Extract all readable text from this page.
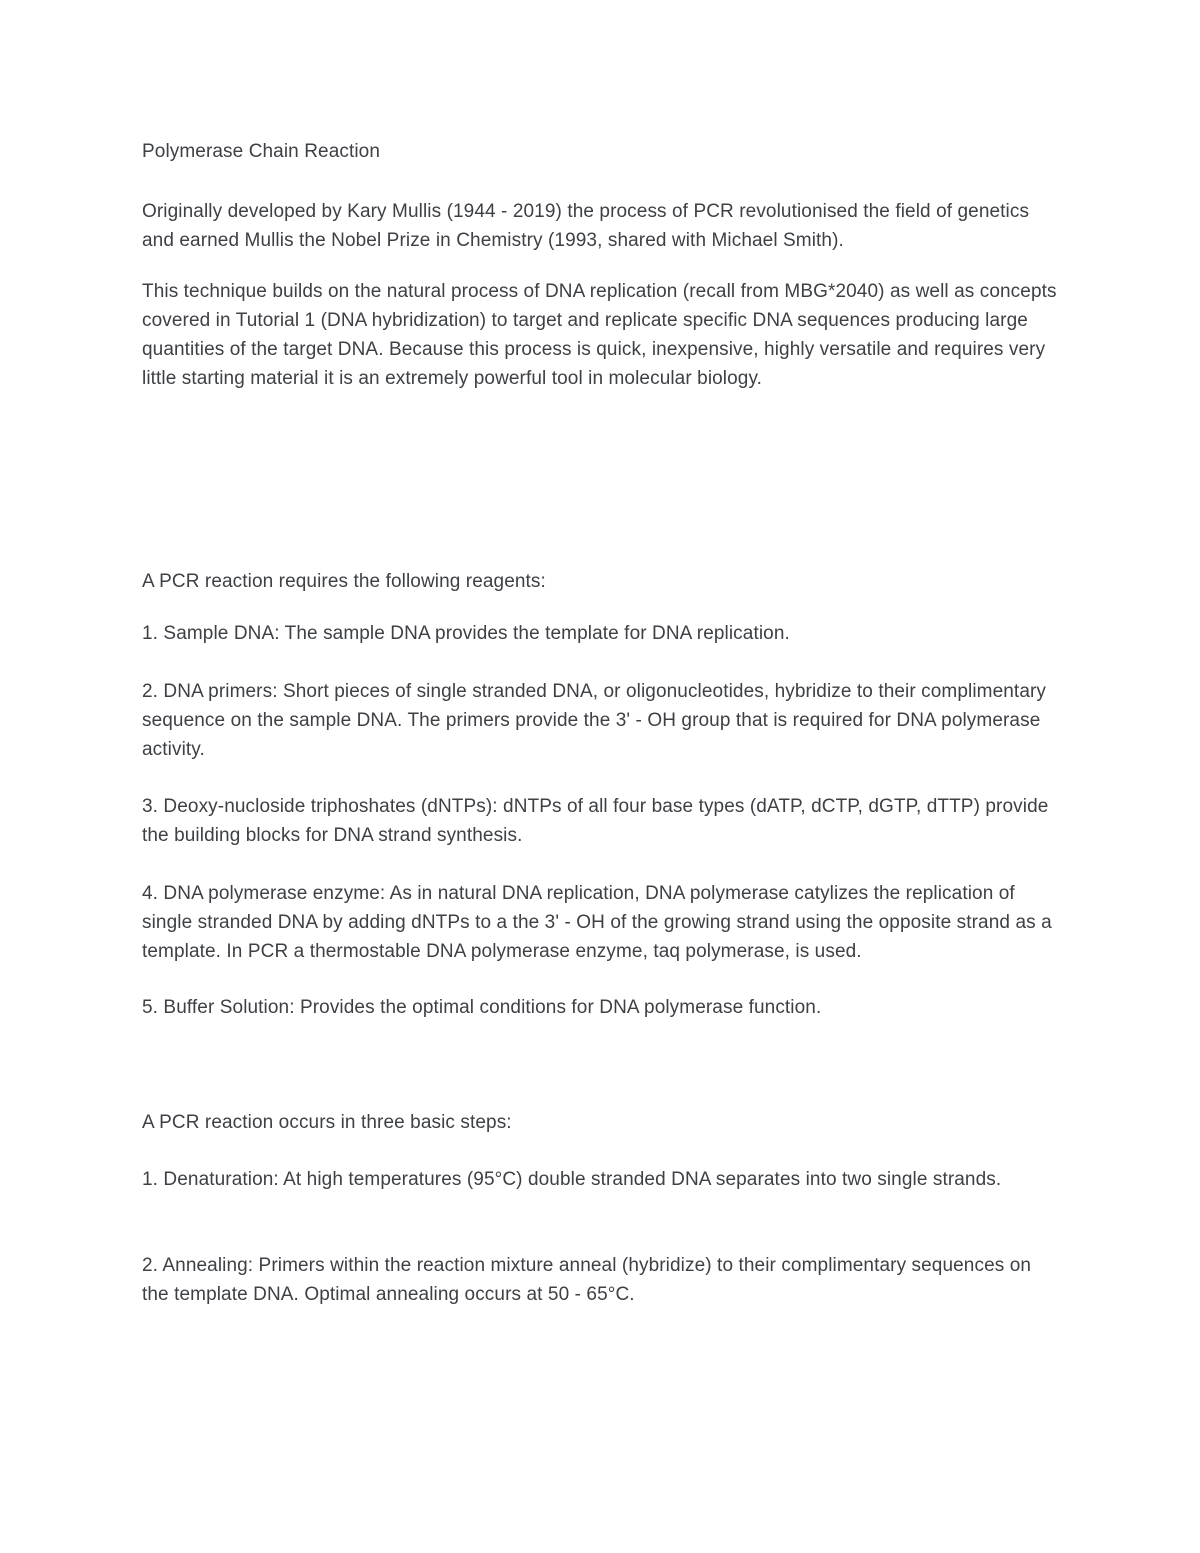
Polymerase Chain Reaction

Originally developed by Kary Mullis (1944 - 2019) the process of PCR revolutionised the field of genetics and earned Mullis the Nobel Prize in Chemistry (1993, shared with Michael Smith).

This technique builds on the natural process of DNA replication (recall from MBG*2040) as well as concepts covered in Tutorial 1 (DNA hybridization) to target and replicate specific DNA sequences producing large quantities of the target DNA. Because this process is quick, inexpensive, highly versatile and requires very little starting material it is an extremely powerful tool in molecular biology.

A PCR reaction requires the following reagents:

1. Sample DNA: The sample DNA provides the template for DNA replication.

2. DNA primers: Short pieces of single stranded DNA, or oligonucleotides, hybridize to their complimentary sequence on the sample DNA. The primers provide the 3' - OH group that is required for DNA polymerase activity.

3. Deoxy-nucloside triphoshates (dNTPs): dNTPs of all four base types (dATP, dCTP, dGTP, dTTP) provide the building blocks for DNA strand synthesis.

4. DNA polymerase enzyme: As in natural DNA replication, DNA polymerase catylizes the replication of single stranded DNA by adding dNTPs to a the 3' - OH of the growing strand using the opposite strand as a template. In PCR a thermostable DNA polymerase enzyme, taq polymerase, is used.

5. Buffer Solution: Provides the optimal conditions for DNA polymerase function.

A PCR reaction occurs in three basic steps:

1. Denaturation: At high temperatures (95°C) double stranded DNA separates into two single strands.

2. Annealing: Primers within the reaction mixture anneal (hybridize) to their complimentary sequences on the template DNA. Optimal annealing occurs at 50 - 65°C.
